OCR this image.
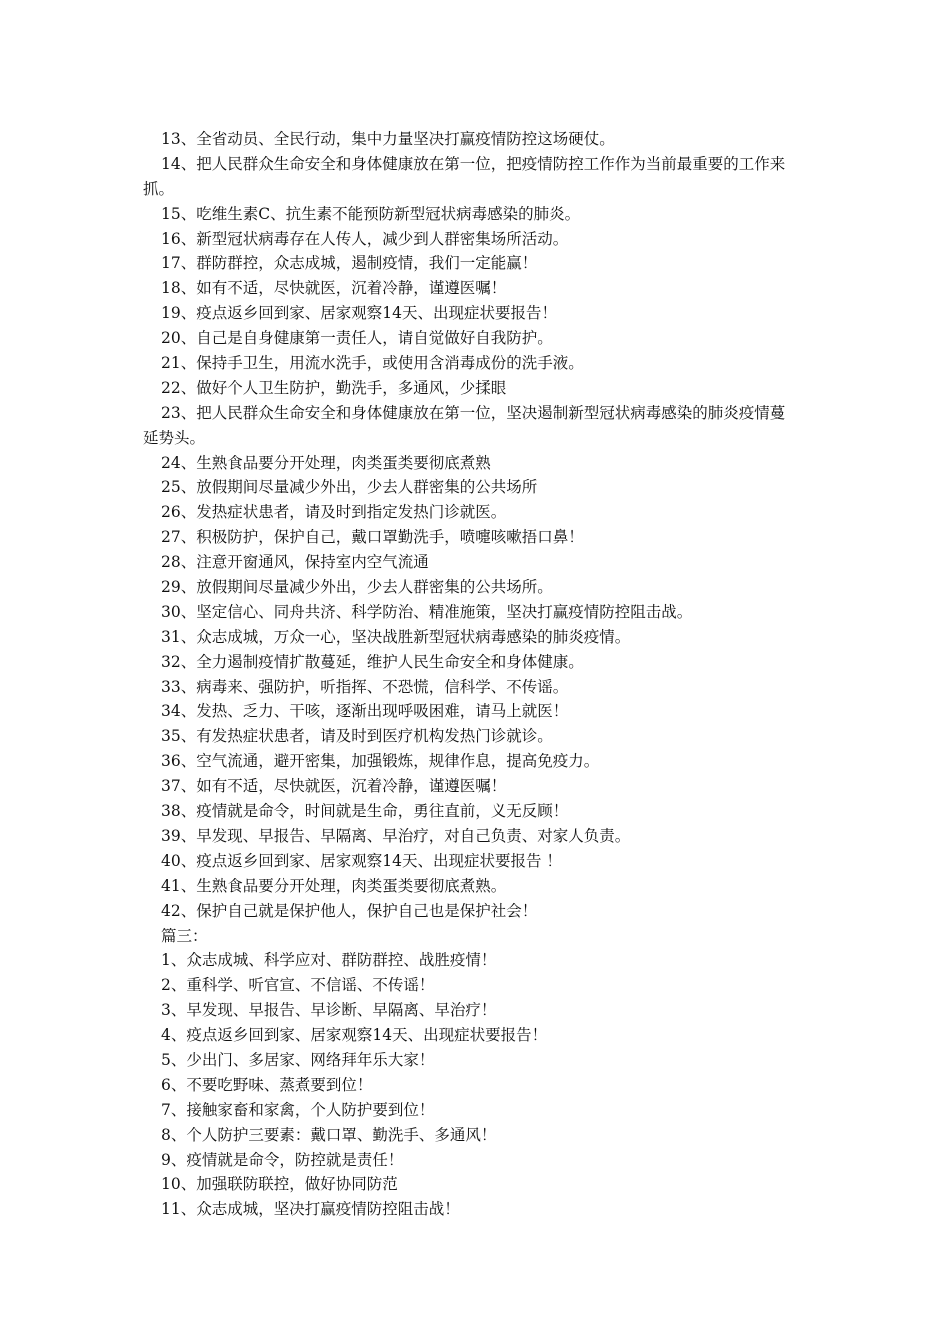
13、全省动员、全民行动，集中力量坚决打赢疫情防控这场硬仗。
14、把人民群众生命安全和身体健康放在第一位，把疫情防控工作作为当前最重要的工作来
抓。
15、吃维生素C、抗生素不能预防新型冠状病毒感染的肺炎。
16、新型冠状病毒存在人传人，减少到人群密集场所活动。
17、群防群控，众志成城，遏制疫情，我们一定能赢！
18、如有不适，尽快就医，沉着冷静，谨遵医嘱！
19、疫点返乡回到家、居家观察14天、出现症状要报告！
20、自己是自身健康第一责任人，请自觉做好自我防护。
21、保持手卫生，用流水洗手，或使用含消毒成份的洗手液。
22、做好个人卫生防护，勤洗手，多通风，少揉眼
23、把人民群众生命安全和身体健康放在第一位，坚决遏制新型冠状病毒感染的肺炎疫情蔓
延势头。
24、生熟食品要分开处理，肉类蛋类要彻底煮熟
25、放假期间尽量减少外出，少去人群密集的公共场所
26、发热症状患者，请及时到指定发热门诊就医。
27、积极防护，保护自己，戴口罩勤洗手，喷嚏咳嗽捂口鼻！
28、注意开窗通风，保持室内空气流通
29、放假期间尽量减少外出，少去人群密集的公共场所。
30、坚定信心、同舟共济、科学防治、精准施策，坚决打赢疫情防控阻击战。
31、众志成城，万众一心，坚决战胜新型冠状病毒感染的肺炎疫情。
32、全力遏制疫情扩散蔓延，维护人民生命安全和身体健康。
33、病毒来、强防护，听指挥、不恐慌，信科学、不传谣。
34、发热、乏力、干咳，逐渐出现呼吸困难，请马上就医！
35、有发热症状患者，请及时到医疗机构发热门诊就诊。
36、空气流通，避开密集，加强锻炼，规律作息，提高免疫力。
37、如有不适，尽快就医，沉着冷静，谨遵医嘱！
38、疫情就是命令，时间就是生命，勇往直前，义无反顾！
39、早发现、早报告、早隔离、早治疗，对自己负责、对家人负责。
40、疫点返乡回到家、居家观察14天、出现症状要报告 ！
41、生熟食品要分开处理，肉类蛋类要彻底煮熟。
42、保护自己就是保护他人，保护自己也是保护社会！
篇三：
1、众志成城、科学应对、群防群控、战胜疫情！
2、重科学、听官宣、不信谣、不传谣！
3、早发现、早报告、早诊断、早隔离、早治疗！
4、疫点返乡回到家、居家观察14天、出现症状要报告！
5、少出门、多居家、网络拜年乐大家！
6、不要吃野味、蒸煮要到位！
7、接触家畜和家禽，个人防护要到位！
8、个人防护三要素：戴口罩、勤洗手、多通风！
9、疫情就是命令，防控就是责任！
10、加强联防联控，做好协同防范
11、众志成城，坚决打赢疫情防控阻击战！
